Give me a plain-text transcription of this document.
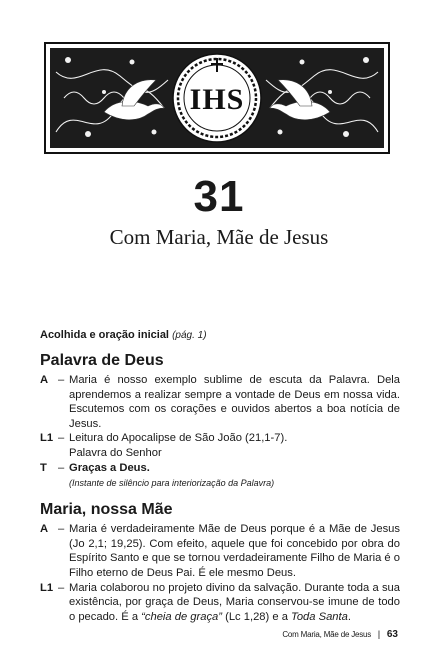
IHS
31
Com Maria, Mãe de Jesus
Acolhida e oração inicial (pág. 1)
Palavra de Deus
A – Maria é nosso exemplo sublime de escuta da Palavra. Dela aprendemos a realizar sempre a vontade de Deus em nossa vida. Escutemos com os corações e ouvidos abertos a boa notícia de Jesus.
L1 – Leitura do Apocalipse de São João (21,1-7).
Palavra do Senhor
T – Graças a Deus.
(Instante de silêncio para interiorização da Palavra)
Maria, nossa Mãe
A – Maria é verdadeiramente Mãe de Deus porque é a Mãe de Jesus (Jo 2,1; 19,25). Com efeito, aquele que foi concebido por obra do Espírito Santo e que se tornou verdadeiramente Filho de Maria é o Filho eterno de Deus Pai. É ele mesmo Deus.
L1 – Maria colaborou no projeto divino da salvação. Durante toda a sua existência, por graça de Deus, Maria conservou-se imune de todo o pecado. É a “cheia de graça” (Lc 1,28) e a Toda Santa.
Com Maria, Mãe de Jesus | 63
